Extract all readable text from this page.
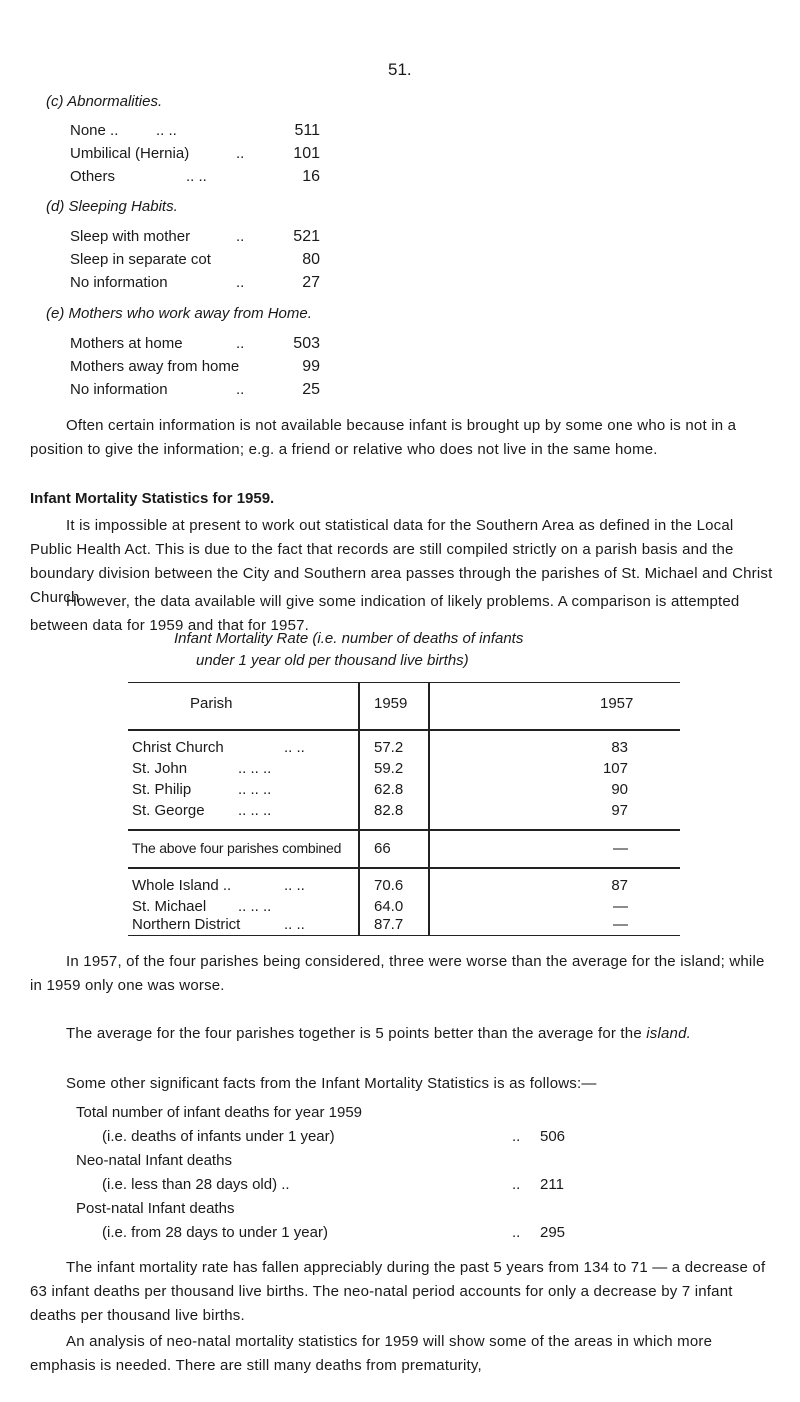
51.
(c) Abnormalities.
None ..	.. ..	511
Umbilical (Hernia)	..	101
Others	.. ..	16
(d) Sleeping Habits.
Sleep with mother	..	521
Sleep in separate cot	80
No information	..	27
(e) Mothers who work away from Home.
Mothers at home	..	503
Mothers away from home	99
No information	..	25
Often certain information is not available because infant is brought up by some one who is not in a position to give the information; e.g. a friend or relative who does not live in the same home.
Infant Mortality Statistics for 1959.
It is impossible at present to work out statistical data for the Southern Area as defined in the Local Public Health Act. This is due to the fact that records are still compiled strictly on a parish basis and the boundary division between the City and Southern area passes through the parishes of St. Michael and Christ Church
However, the data available will give some indication of likely problems. A comparison is attempted between data for 1959 and that for 1957.
Infant Mortality Rate (i.e. number of deaths of infants
under 1 year old per thousand live births)
Parish	1959	1957
Christ Church	.. ..	57.2	83
St. John	.. .. ..	59.2	107
St. Philip	.. .. ..	62.8	90
St. George .. .. ..	82.8	97
The above four parishes combined 66	—
Whole Island ..	.. ..	70.6	87
St. Michael .. .. ..	64.0	—
Northern District	.. ..	87.7	—
In 1957, of the four parishes being considered, three were worse than the average for the island; while in 1959 only one was worse.
The average for the four parishes together is 5 points better than the average for the island.
Some other significant facts from the Infant Mortality Statistics is as follows:—
Total number of infant deaths for year 1959
(i.e. deaths of infants under 1 year)	.. 506
Neo-natal Infant deaths
(i.e. less than 28 days old) ..	.. 211
Post-natal Infant deaths
(i.e. from 28 days to under 1 year)	.. 295
The infant mortality rate has fallen appreciably during the past 5 years from 134 to 71 — a decrease of 63 infant deaths per thousand live births. The neo-natal period accounts for only a decrease by 7 infant deaths per thousand live births.
An analysis of neo-natal mortality statistics for 1959 will show some of the areas in which more emphasis is needed. There are still many deaths from prematurity,
